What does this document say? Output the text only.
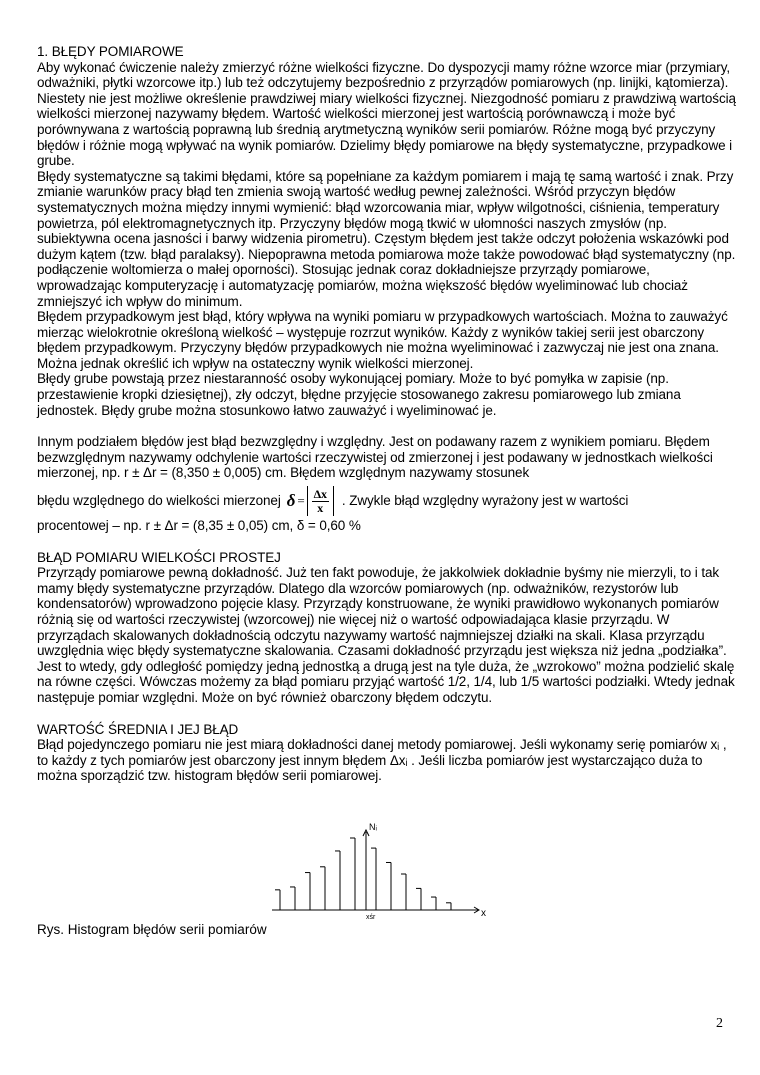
1. BŁĘDY POMIAROWE

Aby wykonać ćwiczenie należy zmierzyć różne wielkości fizyczne. Do dyspozycji mamy różne wzorce miar (przymiary, odważniki, płytki wzorcowe itp.) lub też odczytujemy bezpośrednio z przyrządów pomiarowych (np. linijki, kątomierza). Niestety nie jest możliwe określenie prawdziwej miary wielkości fizycznej. Niezgodność pomiaru z prawdziwą wartością wielkości mierzonej nazywamy błędem. Wartość wielkości mierzonej jest wartością porównawczą i może być porównywana z wartością poprawną lub średnią arytmetyczną wyników serii pomiarów. Różne mogą być przyczyny błędów i różnie mogą wpływać na wynik pomiarów. Dzielimy błędy pomiarowe na błędy systematyczne, przypadkowe i grube.

Błędy systematyczne są takimi błędami, które są popełniane za każdym pomiarem i mają tę samą wartość i znak. Przy zmianie warunków pracy błąd ten zmienia swoją wartość według pewnej zależności. Wśród przyczyn błędów systematycznych można między innymi wymienić: błąd wzorcowania miar, wpływ wilgotności, ciśnienia, temperatury powietrza, pól elektromagnetycznych itp. Przyczyny błędów mogą tkwić w ułomności naszych zmysłów (np. subiektywna ocena jasności i barwy widzenia pirometru). Częstym błędem jest także odczyt położenia wskazówki pod dużym kątem (tzw. błąd paralaksy). Niepoprawna metoda pomiarowa może także powodować błąd systematyczny (np. podłączenie woltomierza o małej oporności). Stosując jednak coraz dokładniejsze przyrządy pomiarowe, wprowadzając komputeryzację i automatyzację pomiarów, można większość błędów wyeliminować lub chociaż zmniejszyć ich wpływ do minimum.

Błędem przypadkowym jest błąd, który wpływa na wyniki pomiaru w przypadkowych wartościach. Można to zauważyć mierząc wielokrotnie określoną wielkość – występuje rozrzut wyników. Każdy z wyników takiej serii jest obarczony błędem przypadkowym. Przyczyny błędów przypadkowych nie można wyeliminować i zazwyczaj nie jest ona znana. Można jednak określić ich wpływ na ostateczny wynik wielkości mierzonej.

Błędy grube powstają przez niestaranność osoby wykonującej pomiary. Może to być pomyłka w zapisie (np. przestawienie kropki dziesiętnej), zły odczyt, błędne przyjęcie stosowanego zakresu pomiarowego lub zmiana jednostek. Błędy grube można stosunkowo łatwo zauważyć i wyeliminować je.

Innym podziałem błędów jest błąd bezwzględny i względny. Jest on podawany razem z wynikiem pomiaru. Błędem bezwzględnym nazywamy odchylenie wartości rzeczywistej od zmierzonej i jest podawany w jednostkach wielkości mierzonej, np. r ± Δr = (8,350 ± 0,005) cm. Błędem względnym nazywamy stosunek

błędu względnego do wielkości mierzonej $\delta = \frac{\Delta x}{x}$ . Zwykle błąd względny wyrażony jest w wartości

procentowej – np. r ± Δr = (8,35 ± 0,05) cm, δ = 0,60 %

BŁĄD POMIARU WIELKOŚCI PROSTEJ

Przyrządy pomiarowe pewną dokładność. Już ten fakt powoduje, że jakkolwiek dokładnie byśmy nie mierzyli, to i tak mamy błędy systematyczne przyrządów. Dlatego dla wzorców pomiarowych (np. odważników, rezystorów lub kondensatorów) wprowadzono pojęcie klasy. Przyrządy konstruowane, że wyniki prawidłowo wykonanych pomiarów różnią się od wartości rzeczywistej (wzorcowej) nie więcej niż o wartość odpowiadająca klasie przyrządu. W przyrządach skalowanych dokładnością odczytu nazywamy wartość najmniejszej działki na skali. Klasa przyrządu uwzględnia więc błędy systematyczne skalowania. Czasami dokładność przyrządu jest większa niż jedna „podziałka”. Jest to wtedy, gdy odległość pomiędzy jedną jednostką a drugą jest na tyle duża, że „wzrokowo” można podzielić skalę na równe części. Wówczas możemy za błąd pomiaru przyjąć wartość 1/2, 1/4, lub 1/5 wartości podziałki. Wtedy jednak następuje pomiar względni. Może on być również obarczony błędem odczytu.

WARTOŚĆ ŚREDNIA I JEJ BŁĄD

Błąd pojedynczego pomiaru nie jest miarą dokładności danej metody pomiarowej. Jeśli wykonamy serię pomiarów xᵢ , to każdy z tych pomiarów jest obarczony jest innym błędem Δxᵢ . Jeśli liczba pomiarów jest wystarczająco duża to można sporządzić tzw. histogram błędów serii pomiarowej.

Nᵢ
x
xśr
Rys. Histogram błędów serii pomiarów
2
